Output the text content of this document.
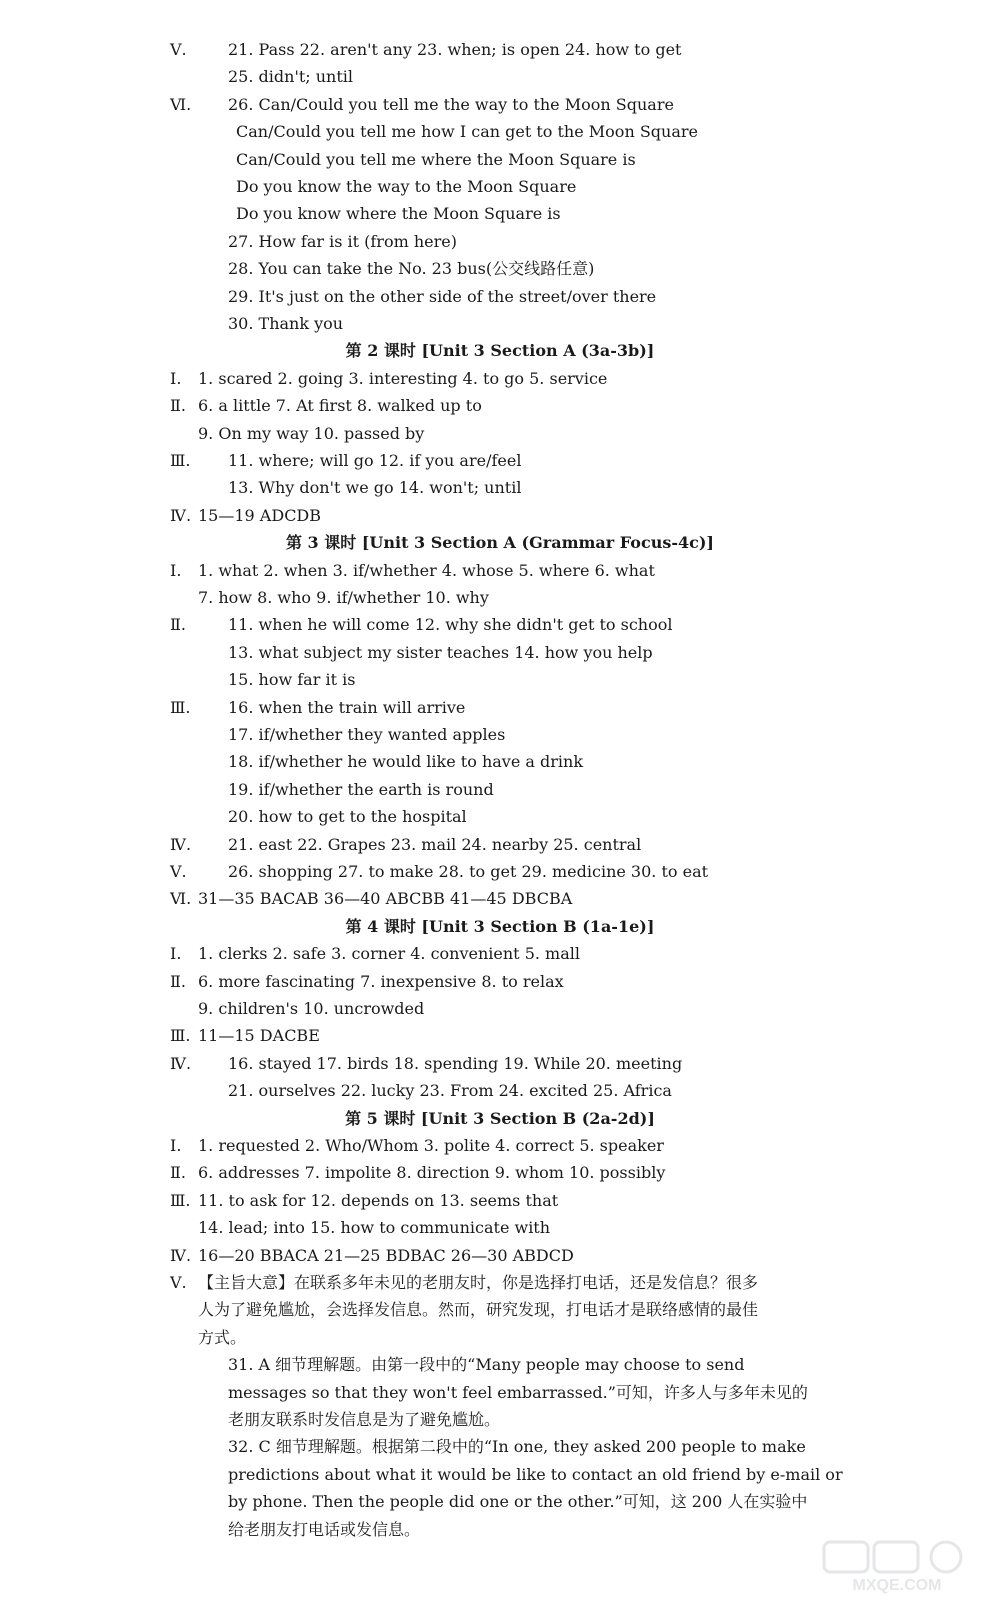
Ⅴ.	21. Pass 22. aren't any 23. when; is open 24. how to get
25. didn't; until
Ⅵ. 26. Can/Could you tell me the way to the Moon Square
Can/Could you tell me how I can get to the Moon Square
Can/Could you tell me where the Moon Square is
Do you know the way to the Moon Square
Do you know where the Moon Square is
27. How far is it (from here)
28. You can take the No. 23 bus(公交线路任意)
29. It's just on the other side of the street/over there
30. Thank you
第 2 课时 [Unit 3 Section A (3a-3b)]
Ⅰ. 1. scared 2. going 3. interesting 4. to go 5. service
Ⅱ. 6. a little 7. At first 8. walked up to
9. On my way 10. passed by
Ⅲ. 11. where; will go 12. if you are/feel
13. Why don't we go 14. won't; until
Ⅳ. 15—19 ADCDB
第 3 课时 [Unit 3 Section A (Grammar Focus-4c)]
Ⅰ. 1. what 2. when 3. if/whether 4. whose 5. where 6. what
7. how 8. who 9. if/whether 10. why
Ⅱ.	11. when he will come 12. why she didn't get to school
13. what subject my sister teaches 14. how you help
15. how far it is
Ⅲ. 16. when the train will arrive
17. if/whether they wanted apples
18. if/whether he would like to have a drink
19. if/whether the earth is round
20. how to get to the hospital
Ⅳ. 21. east 22. Grapes 23. mail 24. nearby 25. central
Ⅴ.	26. shopping 27. to make 28. to get 29. medicine 30. to eat
Ⅵ. 31—35 BACAB 36—40 ABCBB 41—45 DBCBA
第 4 课时 [Unit 3 Section B (1a-1e)]
Ⅰ. 1. clerks 2. safe 3. corner 4. convenient 5. mall
Ⅱ. 6. more fascinating 7. inexpensive 8. to relax
9. children's 10. uncrowded
Ⅲ. 11—15 DACBE
Ⅳ. 16. stayed 17. birds 18. spending 19. While 20. meeting
21. ourselves 22. lucky 23. From 24. excited 25. Africa
第 5 课时 [Unit 3 Section B (2a-2d)]
Ⅰ. 1. requested 2. Who/Whom 3. polite 4. correct 5. speaker
Ⅱ. 6. addresses 7. impolite 8. direction 9. whom 10. possibly
Ⅲ. 11. to ask for 12. depends on 13. seems that
14. lead; into 15. how to communicate with
Ⅳ. 16—20 BBACA 21—25 BDBAC 26—30 ABDCD
Ⅴ. 【主旨大意】在联系多年未见的老朋友时，你是选择打电话，还是发信息？很多
人为了避免尴尬，会选择发信息。然而，研究发现，打电话才是联络感情的最佳
方式。
31. A 细节理解题。由第一段中的“Many people may choose to send
messages so that they won't feel embarrassed.”可知，许多人与多年未见的
老朋友联系时发信息是为了避免尴尬。
32. C 细节理解题。根据第二段中的“In one, they asked 200 people to make
predictions about what it would be like to contact an old friend by e-mail or
by phone. Then the people did one or the other.”可知，这 200 人在实验中
给老朋友打电话或发信息。
MXQE.COM
